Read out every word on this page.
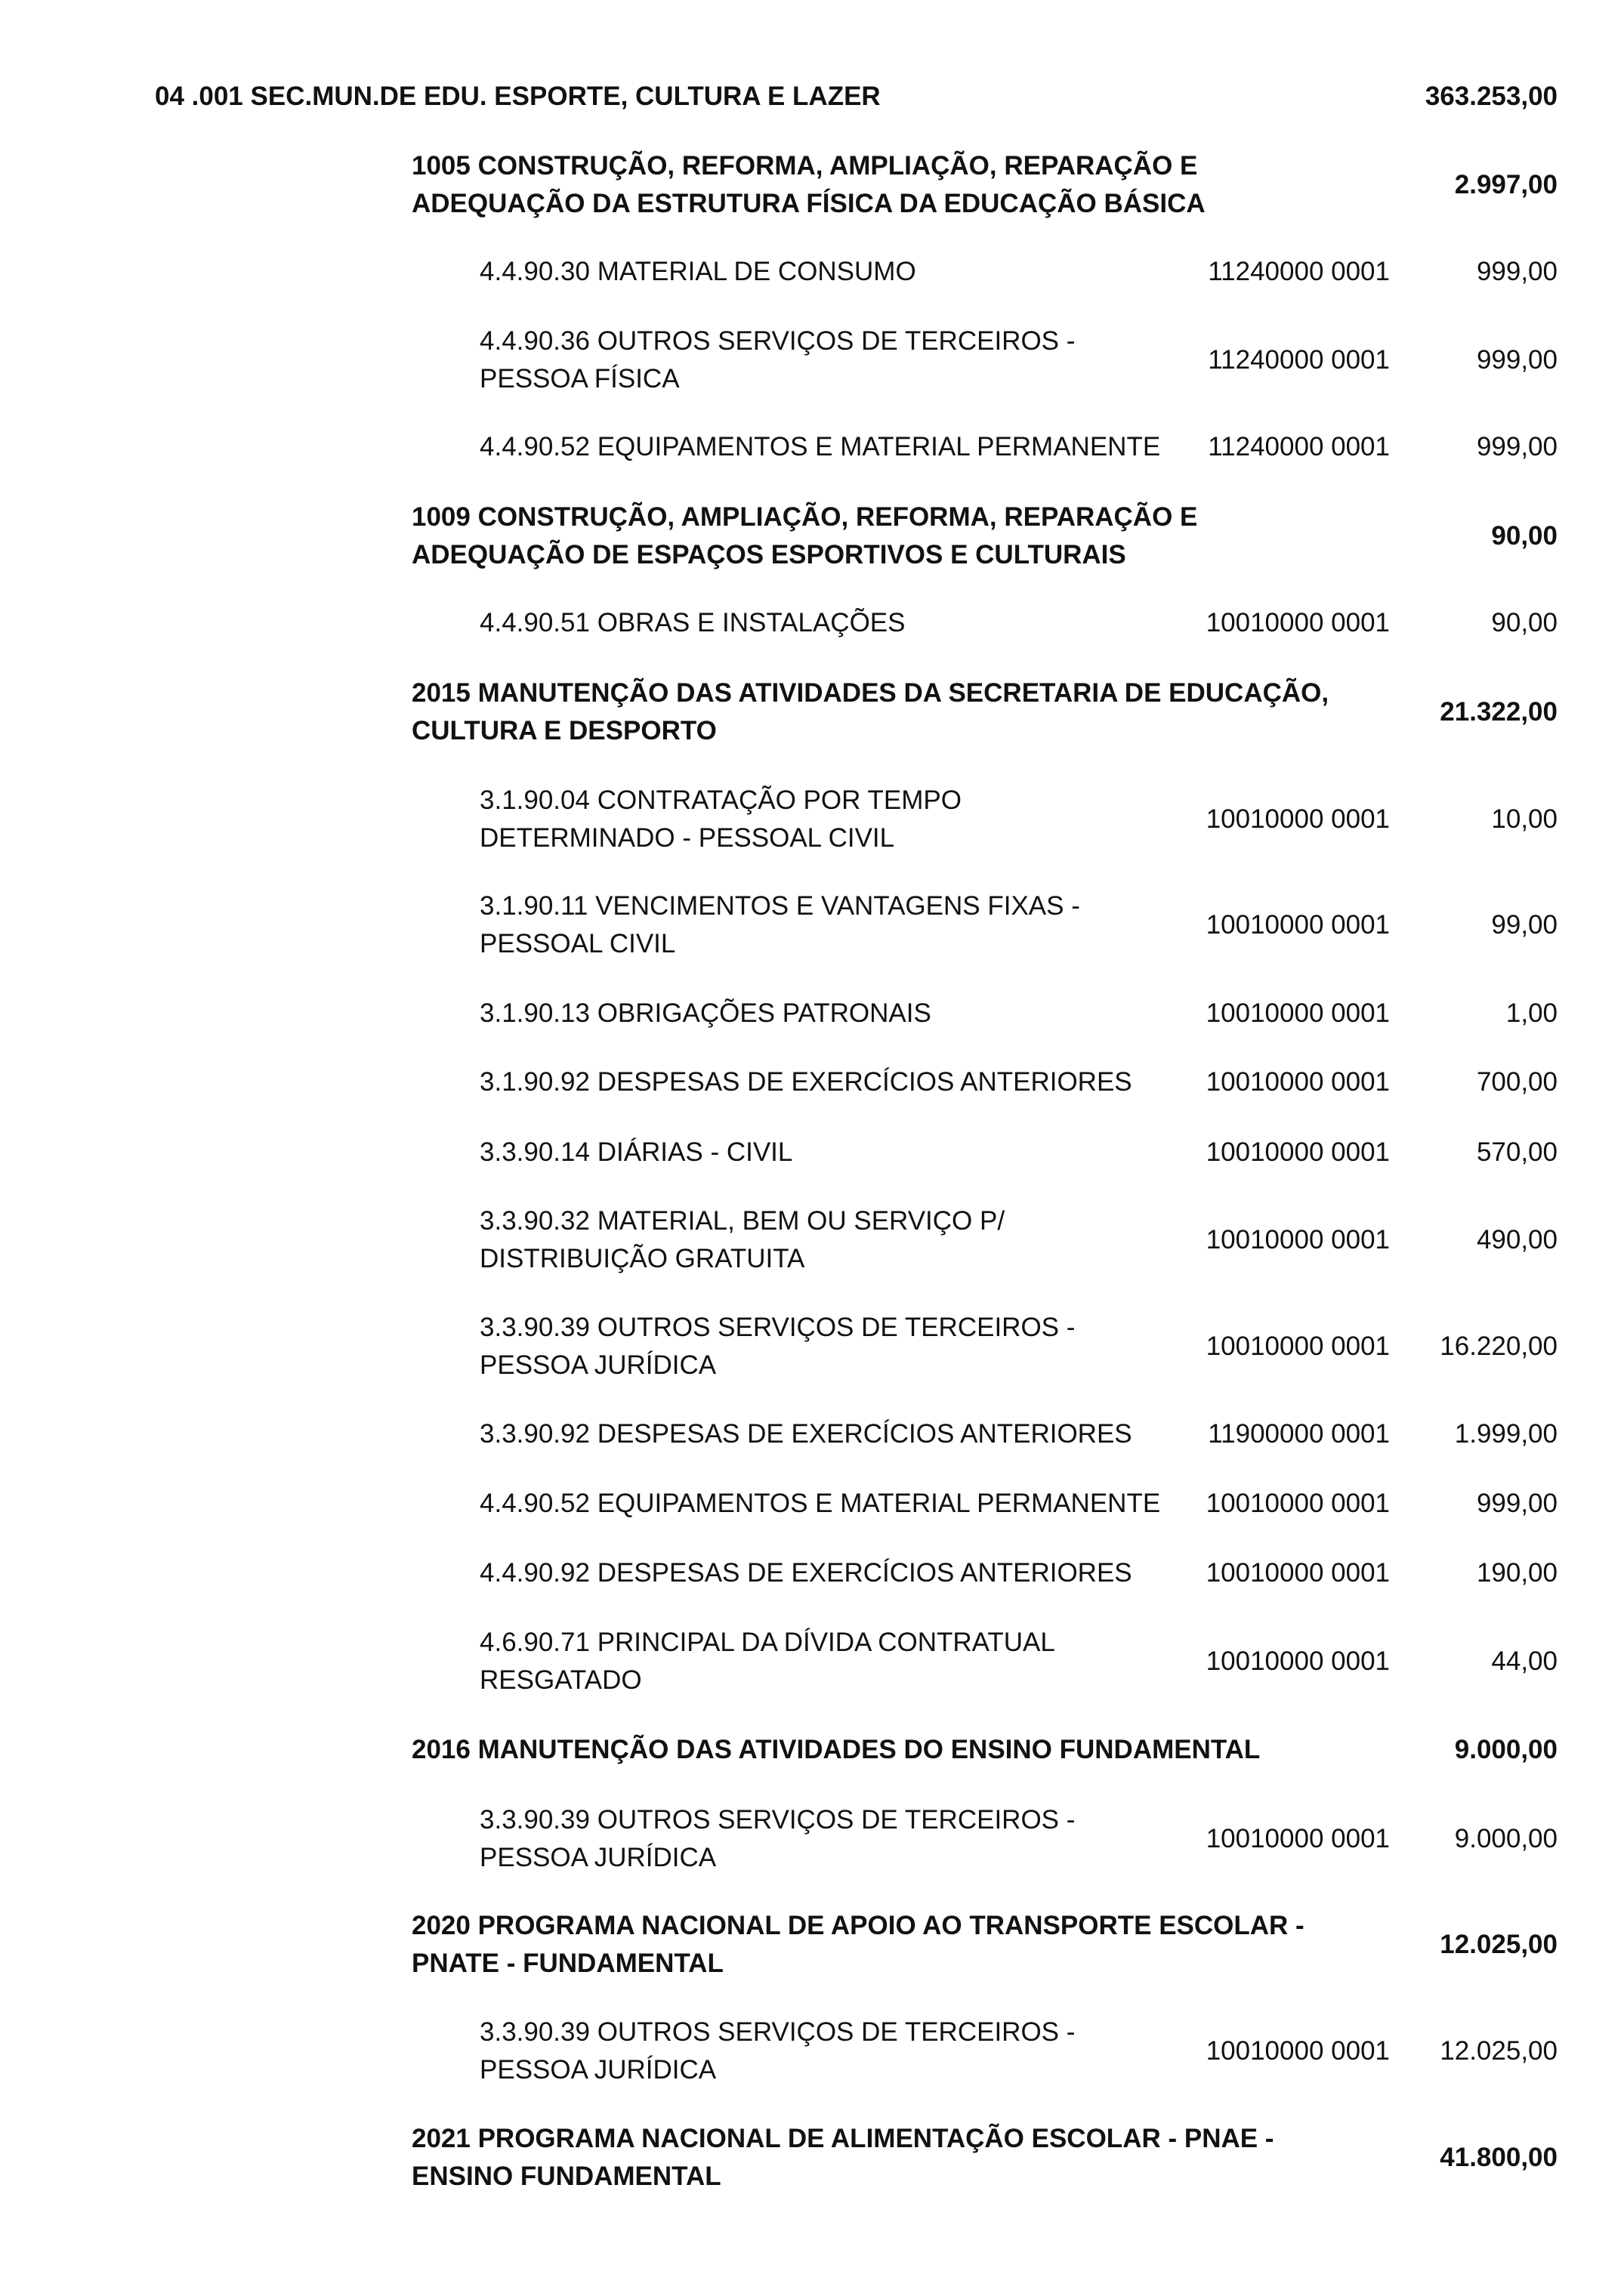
04 .001 SEC.MUN.DE EDU. ESPORTE, CULTURA E LAZER	363.253,00
1005 CONSTRUÇÃO, REFORMA, AMPLIAÇÃO, REPARAÇÃO E
ADEQUAÇÃO DA ESTRUTURA FÍSICA DA EDUCAÇÃO BÁSICA
2.997,00
4.4.90.30 MATERIAL DE CONSUMO	11240000 0001	999,00
4.4.90.36 OUTROS SERVIÇOS DE TERCEIROS -
PESSOA FÍSICA
11240000 0001	999,00
4.4.90.52 EQUIPAMENTOS E MATERIAL PERMANENTE	11240000 0001	999,00
1009 CONSTRUÇÃO, AMPLIAÇÃO, REFORMA, REPARAÇÃO E
ADEQUAÇÃO DE ESPAÇOS ESPORTIVOS E CULTURAIS
90,00
4.4.90.51 OBRAS E INSTALAÇÕES	10010000 0001	90,00
2015 MANUTENÇÃO DAS ATIVIDADES DA SECRETARIA DE EDUCAÇÃO,
CULTURA E DESPORTO
21.322,00
3.1.90.04 CONTRATAÇÃO POR TEMPO
DETERMINADO - PESSOAL CIVIL
10010000 0001	10,00
3.1.90.11 VENCIMENTOS E VANTAGENS FIXAS -
PESSOAL CIVIL
10010000 0001	99,00
3.1.90.13 OBRIGAÇÕES PATRONAIS	10010000 0001	1,00
3.1.90.92 DESPESAS DE EXERCÍCIOS ANTERIORES	10010000 0001	700,00
3.3.90.14 DIÁRIAS - CIVIL	10010000 0001	570,00
3.3.90.32 MATERIAL, BEM OU SERVIÇO P/
DISTRIBUIÇÃO GRATUITA
10010000 0001	490,00
3.3.90.39 OUTROS SERVIÇOS DE TERCEIROS -
PESSOA JURÍDICA
10010000 0001	16.220,00
3.3.90.92 DESPESAS DE EXERCÍCIOS ANTERIORES	11900000 0001	1.999,00
4.4.90.52 EQUIPAMENTOS E MATERIAL PERMANENTE	10010000 0001	999,00
4.4.90.92 DESPESAS DE EXERCÍCIOS ANTERIORES	10010000 0001	190,00
4.6.90.71 PRINCIPAL DA DÍVIDA CONTRATUAL
RESGATADO
10010000 0001	44,00
2016 MANUTENÇÃO DAS ATIVIDADES DO ENSINO FUNDAMENTAL	9.000,00
3.3.90.39 OUTROS SERVIÇOS DE TERCEIROS -
PESSOA JURÍDICA
10010000 0001	9.000,00
2020 PROGRAMA NACIONAL DE APOIO AO TRANSPORTE ESCOLAR -
PNATE - FUNDAMENTAL
12.025,00
3.3.90.39 OUTROS SERVIÇOS DE TERCEIROS -
PESSOA JURÍDICA
10010000 0001	12.025,00
2021 PROGRAMA NACIONAL DE ALIMENTAÇÃO ESCOLAR - PNAE -
ENSINO FUNDAMENTAL
41.800,00
